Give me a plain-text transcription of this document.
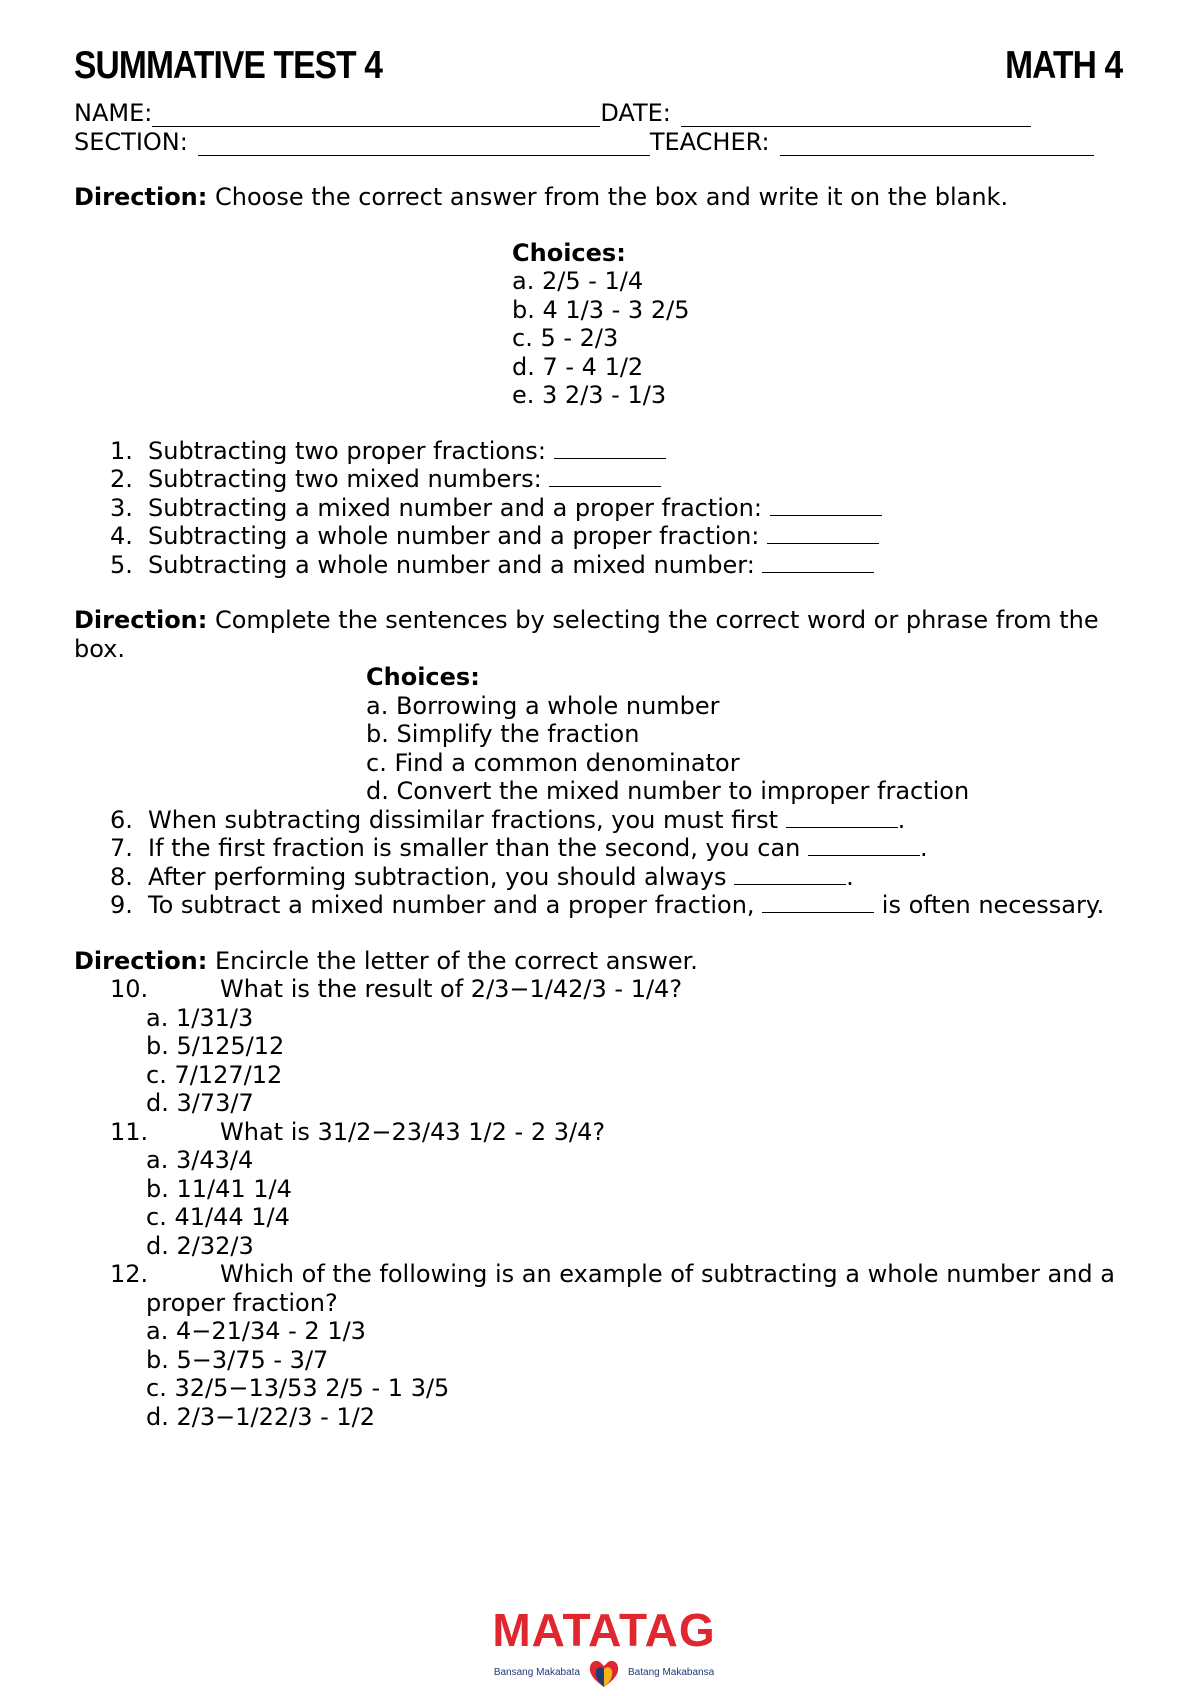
SUMMATIVE TEST 4	MATH 4
NAME:	DATE:
SECTION:	TEACHER:
Direction: Choose the correct answer from the box and write it on the blank.
Choices:
a. 2/5 - 1/4
b. 4 1/3 - 3 2/5
c. 5 - 2/3
d. 7 - 4 1/2
e. 3 2/3 - 1/3
1. Subtracting two proper fractions:
2. Subtracting two mixed numbers:
3. Subtracting a mixed number and a proper fraction:
4. Subtracting a whole number and a proper fraction:
5. Subtracting a whole number and a mixed number:
Direction: Complete the sentences by selecting the correct word or phrase from the box.
Choices:
a. Borrowing a whole number
b. Simplify the fraction
c. Find a common denominator
d. Convert the mixed number to improper fraction
6. When subtracting dissimilar fractions, you must first	.
7. If the first fraction is smaller than the second, you can	.
8. After performing subtraction, you should always	.
9. To subtract a mixed number and a proper fraction,	is often necessary.
Direction: Encircle the letter of the correct answer.
10.	What is the result of 2/3−1/42/3 - 1/4?
a. 1/31/3
b. 5/125/12
c. 7/127/12
d. 3/73/7
11.	What is 31/2−23/43 1/2 - 2 3/4?
a. 3/43/4
b. 11/41 1/4
c. 41/44 1/4
d. 2/32/3
12.	Which of the following is an example of subtracting a whole number and a
proper fraction?
a. 4−21/34 - 2 1/3
b. 5−3/75 - 3/7
c. 32/5−13/53 2/5 - 1 3/5
d. 2/3−1/22/3 - 1/2
MATATAG
Bansang Makabata	Batang Makabansa
